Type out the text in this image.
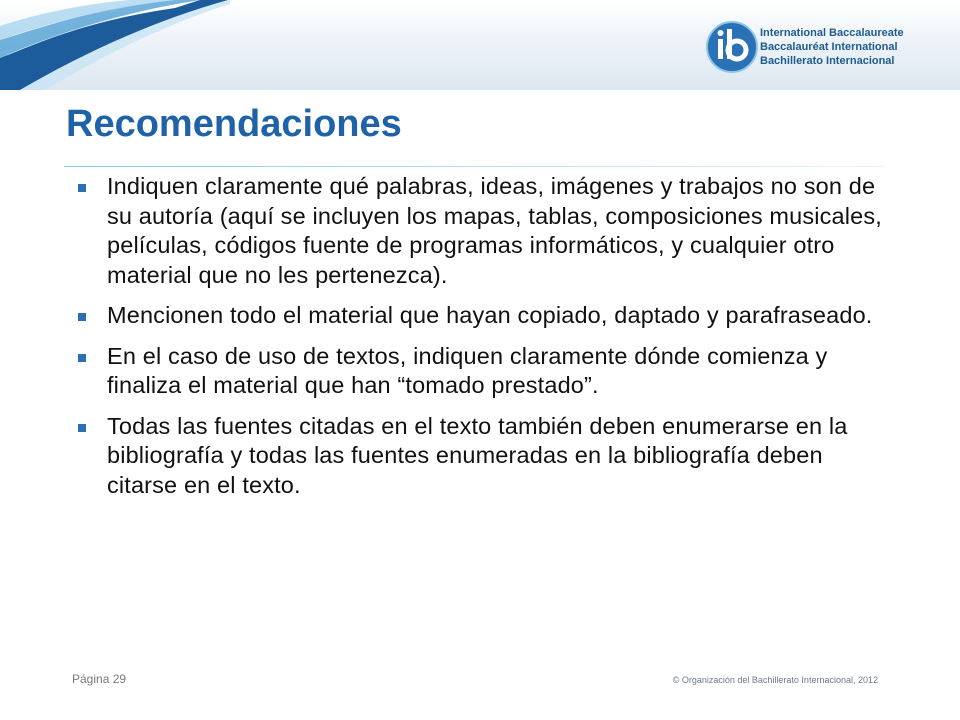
International Baccalaureate
Baccalauréat International
Bachillerato Internacional
Recomendaciones
Indiquen claramente qué palabras, ideas, imágenes y trabajos no son de su autoría (aquí se incluyen los mapas, tablas, composiciones musicales, películas, códigos fuente de programas informáticos, y cualquier otro material que no les pertenezca).
Mencionen todo el material que hayan copiado, daptado y parafraseado.
En el caso de uso de textos, indiquen claramente dónde comienza y finaliza el material que han “tomado prestado”.
Todas las fuentes citadas en el texto también deben enumerarse en la bibliografía y todas las fuentes enumeradas en la bibliografía deben citarse en el texto.
Página 29	© Organización del Bachillerato Internacional, 2012
